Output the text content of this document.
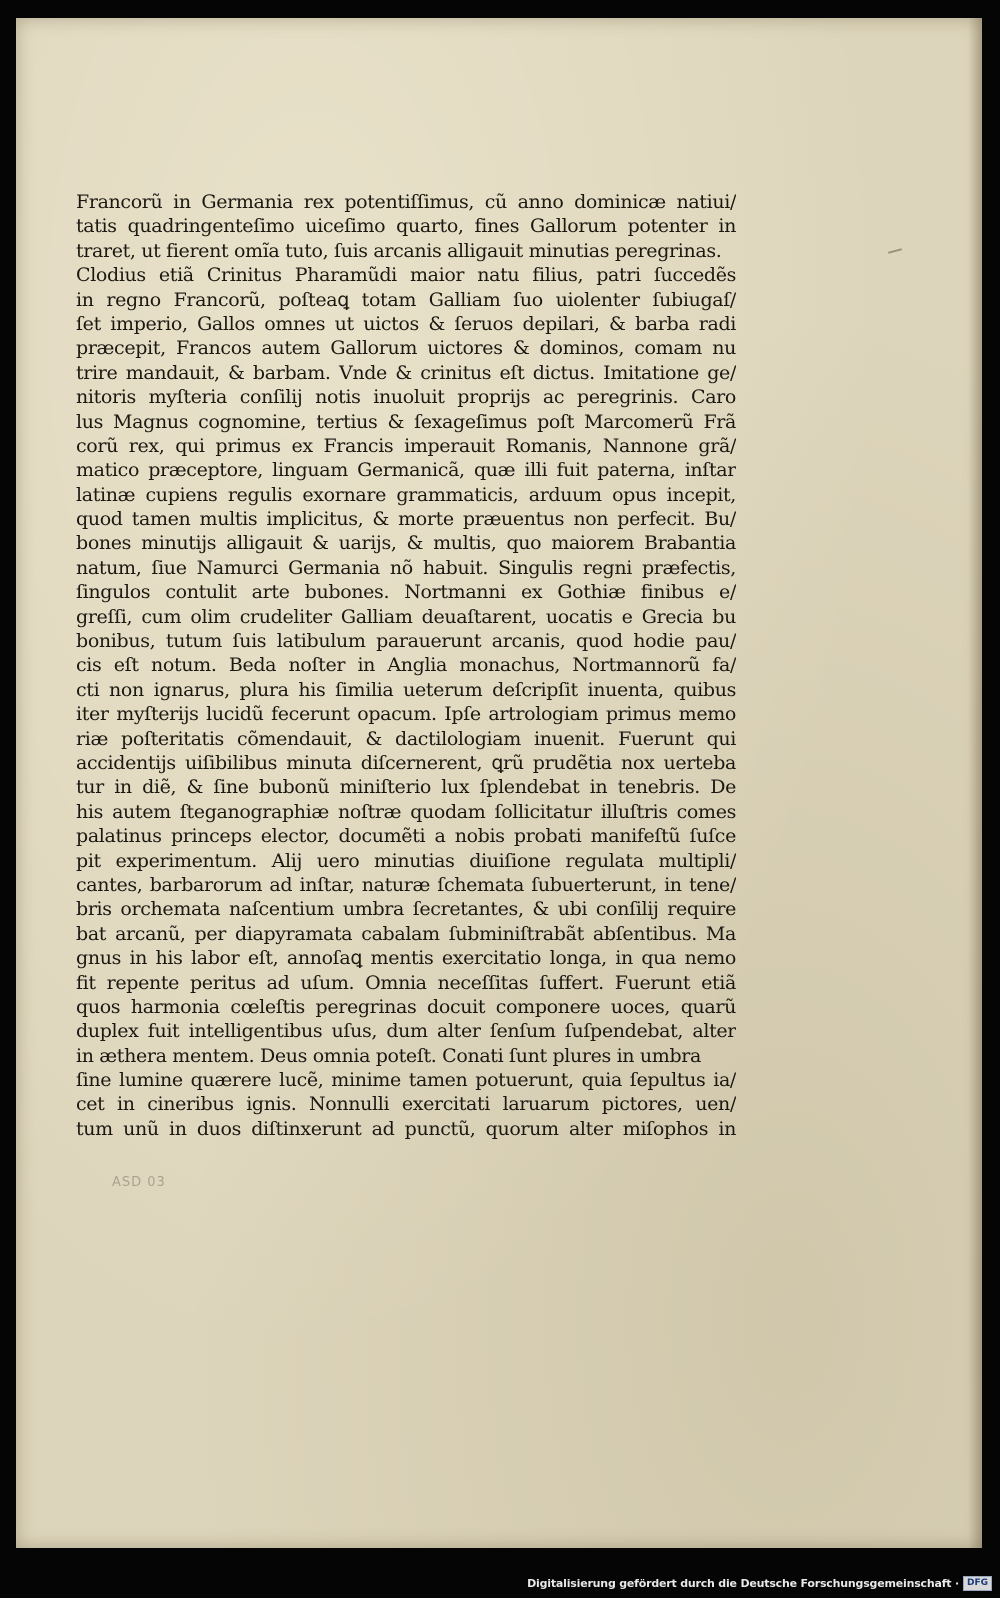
Francorũ in Germania rex potentiſſimus, cũ anno dominicæ natiui/
tatis quadringenteſimo uiceſimo quarto, fines Gallorum potenter in
traret, ut fierent omĩa tuto, ſuis arcanis alligauit minutias peregrinas.
Clodius etiã Crinitus Pharamũdi maior natu filius, patri ſuccedẽs
in regno Francorũ, poſteaꝗ totam Galliam ſuo uiolenter ſubiugaſ/
ſet imperio, Gallos omnes ut uictos & ſeruos depilari, & barba radi
præcepit, Francos autem Gallorum uictores & dominos, comam nu
trire mandauit, & barbam. Vnde & crinitus eſt dictus. Imitatione ge/
nitoris myſteria conſilij notis inuoluit proprijs ac peregrinis. Caro
lus Magnus cognomine, tertius & ſexageſimus poſt Marcomerũ Frã
corũ rex, qui primus ex Francis imperauit Romanis, Nannone grã/
matico præceptore, linguam Germanicã, quæ illi fuit paterna, inſtar
latinæ cupiens regulis exornare grammaticis, arduum opus incepit,
quod tamen multis implicitus, & morte præuentus non perfecit. Bu/
bones minutijs alligauit & uarijs, & multis, quo maiorem Brabantia
natum, ſiue Namurci Germania nõ habuit. Singulis regni præfectis,
ſingulos contulit arte bubones. Nortmanni ex Gothiæ finibus e/
greſſi, cum olim crudeliter Galliam deuaſtarent, uocatis e Grecia bu
bonibus, tutum ſuis latibulum parauerunt arcanis, quod hodie pau/
cis eſt notum. Beda noſter in Anglia monachus, Nortmannorũ fa/
cti non ignarus, plura his ſimilia ueterum deſcripſit inuenta, quibus
iter myſterijs lucidũ fecerunt opacum. Ipſe artrologiam primus memo
riæ poſteritatis cõmendauit, & dactilologiam inuenit. Fuerunt qui
accidentijs uiſibilibus minuta diſcernerent, ꝗrũ prudẽtia nox uerteba
tur in diẽ, & ſine bubonũ miniſterio lux ſplendebat in tenebris. De
his autem ſteganographiæ noſtræ quodam ſollicitatur illuſtris comes
palatinus princeps elector, documẽti a nobis probati manifeſtũ ſuſce
pit experimentum. Alij uero minutias diuiſione regulata multipli/
cantes, barbarorum ad inſtar, naturæ ſchemata ſubuerterunt, in tene/
bris orchemata naſcentium umbra ſecretantes, & ubi conſilij require
bat arcanũ, per diapyramata cabalam ſubminiſtrabãt abſentibus. Ma
gnus in his labor eſt, annoſaꝗ mentis exercitatio longa, in qua nemo
fit repente peritus ad uſum. Omnia neceſſitas ſuffert. Fuerunt etiã
quos harmonia cœleſtis peregrinas docuit componere uoces, quarũ
duplex fuit intelligentibus uſus, dum alter ſenſum ſuſpendebat, alter
in æthera mentem. Deus omnia poteſt. Conati ſunt plures in umbra
ſine lumine quærere lucẽ, minime tamen potuerunt, quia ſepultus ia/
cet in cineribus ignis. Nonnulli exercitati laruarum pictores, uen/
tum unũ in duos diſtinxerunt ad punctũ, quorum alter miſophos in
ASD 03
Digitalisierung gefördert durch die Deutsche Forschungsgemeinschaft · DFG
